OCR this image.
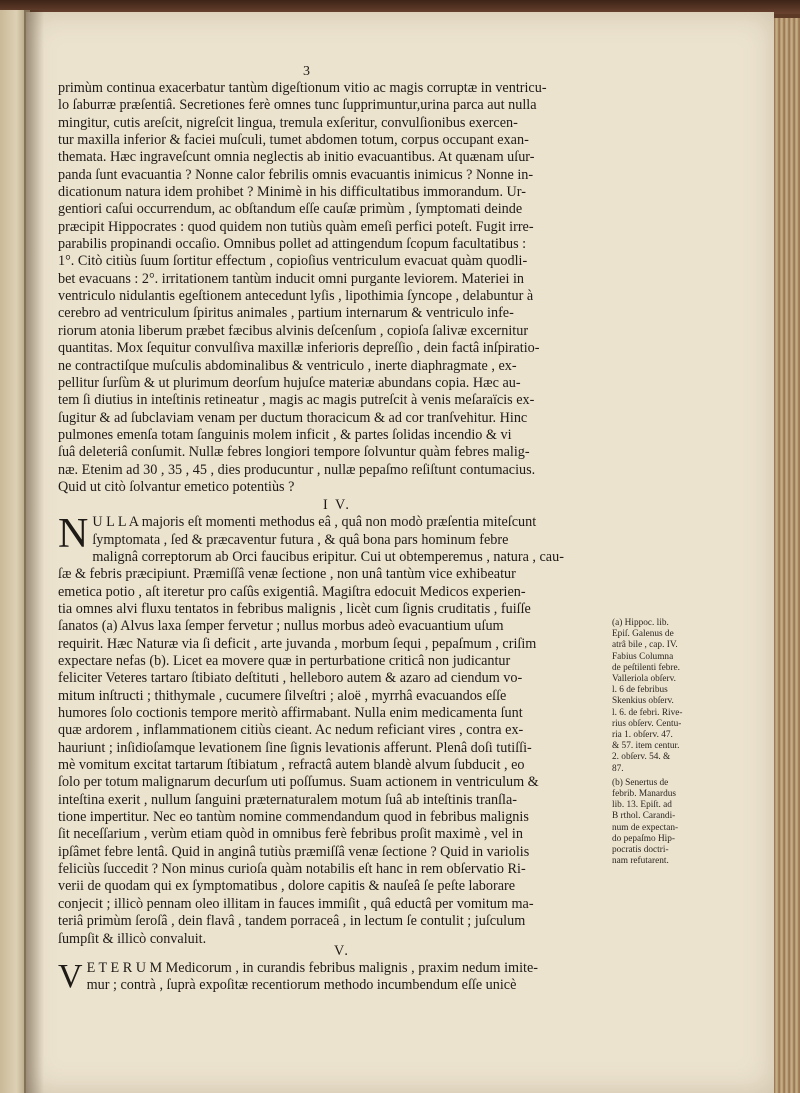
3
primùm continua exacerbatur tantùm digeſtionum vitio ac magis corruptæ in ventricu-
lo ſaburræ præſentiâ. Secretiones ferè omnes tunc ſupprimuntur,urina parca aut nulla
mingitur, cutis areſcit, nigreſcit lingua, tremula exſeritur, convulſionibus exercen-
tur maxilla inferior & faciei muſculi, tumet abdomen totum, corpus occupant exan-
themata. Hæc ingraveſcunt omnia neglectis ab initio evacuantibus. At quænam uſur-
panda ſunt evacuantia ? Nonne calor febrilis omnis evacuantis inimicus ? Nonne in-
dicationum natura idem prohibet ? Minimè in his difficultatibus immorandum. Ur-
gentiori caſui occurrendum, ac obſtandum eſſe cauſæ primùm , ſymptomati deinde
præcipit Hippocrates : quod quidem non tutiùs quàm emeſi perfici poteſt. Fugit irre-
parabilis propinandi occaſio. Omnibus pollet ad attingendum ſcopum facultatibus :
1°. Citò citiùs ſuum ſortitur effectum , copioſius ventriculum evacuat quàm quodli-
bet evacuans : 2°. irritationem tantùm inducit omni purgante leviorem. Materiei in
ventriculo nidulantis egeſtionem antecedunt lyſis , lipothimia ſyncope , delabuntur à
cerebro ad ventriculum ſpiritus animales , partium internarum & ventriculo infe-
riorum atonia liberum præbet fæcibus alvinis deſcenſum , copioſa ſalivæ excernitur
quantitas. Mox ſequitur convulſiva maxillæ inferioris depreſſio , dein factâ inſpiratio-
ne contractiſque muſculis abdominalibus & ventriculo , inerte diaphragmate , ex-
pellitur ſurſùm & ut plurimum deorſum hujuſce materiæ abundans copia. Hæc au-
tem ſi diutius in inteſtinis retineatur , magis ac magis putreſcit à venis meſaraïcis ex-
ſugitur & ad ſubclaviam venam per ductum thoracicum & ad cor tranſvehitur. Hinc
pulmones emenſa totam ſanguinis molem inficit , & partes ſolidas incendio & vi
ſuâ deleteriâ conſumit. Nullæ febres longiori tempore ſolvuntur quàm febres malig-
næ. Etenim ad 30 , 35 , 45 , dies producuntur , nullæ pepaſmo reſiſtunt contumacius.
Quid ut citò ſolvantur emetico potentiùs ?
I V.
N U L L A majoris eſt momenti methodus eâ , quâ non modò præſentia miteſcunt
ſymptomata , ſed & præcaventur futura , & quâ bona pars hominum febre
malignâ correptorum ab Orci faucibus eripitur. Cui ut obtemperemus , natura , cau-
ſæ & febris præcipiunt. Præmiſſâ venæ ſectione , non unâ tantùm vice exhibeatur
emetica potio , aſt iteretur pro caſûs exigentiâ. Magiſtra edocuit Medicos experien-
tia omnes alvi fluxu tentatos in febribus malignis , licèt cum ſignis cruditatis , fuiſſe
ſanatos (a) Alvus laxa ſemper fervetur ; nullus morbus adeò evacuantium uſum
requirit. Hæc Naturæ via ſi deficit , arte juvanda , morbum ſequi , pepaſmum , criſim
expectare nefas (b). Licet ea movere quæ in perturbatione criticâ non judicantur
feliciter Veteres tartaro ſtibiato deſtituti , helleboro autem & azaro ad ciendum vo-
mitum inſtructi ; thithymale , cucumere ſilveſtri ; aloë , myrrhâ evacuandos eſſe
humores ſolo coctionis tempore meritò affirmabant. Nulla enim medicamenta ſunt
quæ ardorem , inflammationem citiùs cieant. Ac nedum reficiant vires , contra ex-
hauriunt ; inſidioſamque levationem ſine ſignis levationis afferunt. Plenâ doſi tutiſſi-
mè vomitum excitat tartarum ſtibiatum , refractâ autem blandè alvum ſubducit , eo
ſolo per totum malignarum decurſum uti poſſumus. Suam actionem in ventriculum &
inteſtina exerit , nullum ſanguini præternaturalem motum ſuâ ab inteſtinis tranſla-
tione impertitur. Nec eo tantùm nomine commendandum quod in febribus malignis
ſit neceſſarium , verùm etiam quòd in omnibus ferè febribus proſit maximè , vel in
ipſâmet febre lentâ. Quid in anginâ tutiùs præmiſſâ venæ ſectione ? Quid in variolis
feliciùs ſuccedit ? Non minus curioſa quàm notabilis eſt hanc in rem obſervatio Ri-
verii de quodam qui ex ſymptomatibus , dolore capitis & nauſeâ ſe peſte laborare
conjecit ; illicò pennam oleo illitam in fauces immiſit , quâ eductâ per vomitum ma-
teriâ primùm ſeroſâ , dein flavâ , tandem porraceâ , in lectum ſe contulit ; juſculum
ſumpſit & illicò convaluit.
V.
V E T E R U M Medicorum , in curandis febribus malignis , praxim nedum imite-
mur ; contrà , ſuprà expoſitæ recentiorum methodo incumbendum eſſe unicè
(a) Hippoc. lib.
Epiſ. Galenus de
atrâ bile , cap. IV.
Fabius Columna
de peſtilenti febre.
Valleriola obſerv.
l. 6 de febribus
Skenkius obſerv.
l. 6. de febri. Rive-
rius obſerv. Centu-
ria 1. obſerv. 47.
& 57. item centur.
2. obſerv. 54. &
87.
(b) Senertus de
febrib. Manardus
lib. 13. Epiſt. ad
B rthol. Carandi-
num de expectan-
do pepaſmo Hip-
pocratis doctri-
nam refutarent.
